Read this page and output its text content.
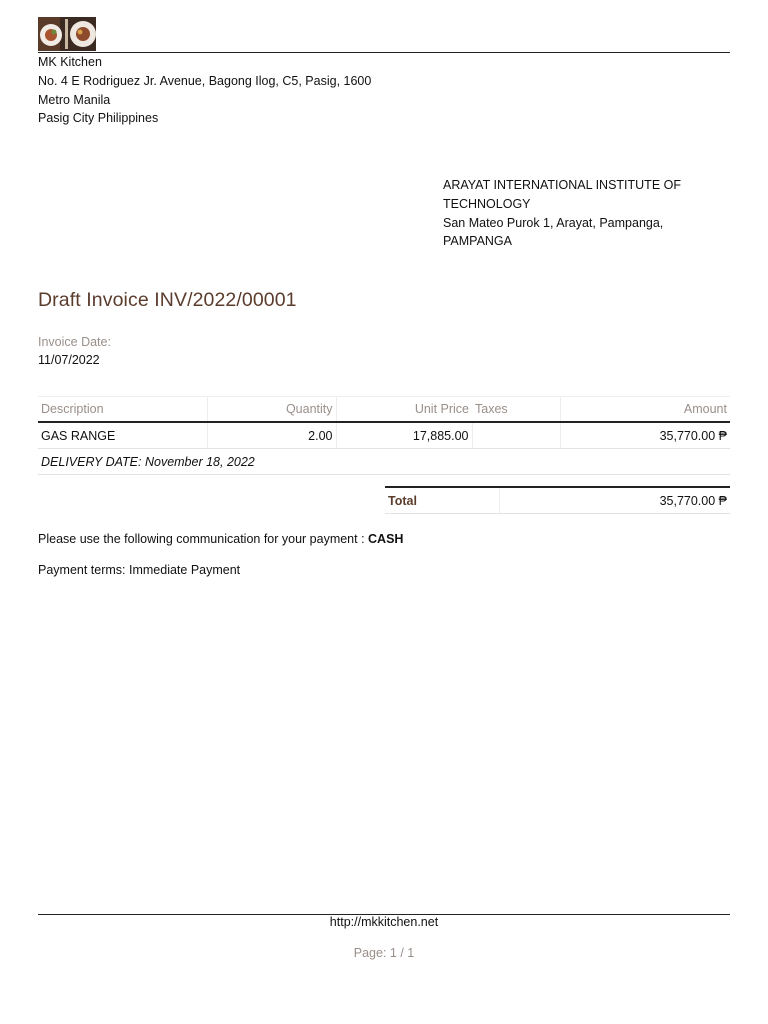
MK Kitchen
No. 4 E Rodriguez Jr. Avenue, Bagong Ilog, C5, Pasig, 1600
Metro Manila
Pasig City Philippines
ARAYAT INTERNATIONAL INSTITUTE OF TECHNOLOGY
San Mateo Purok 1, Arayat, Pampanga,
PAMPANGA
Draft Invoice INV/2022/00001
Invoice Date:
11/07/2022
Description	Quantity	Unit Price	Taxes	Amount
GAS RANGE	2.00	17,885.00		35,770.00 ₱
DELIVERY DATE: November 18, 2022				
Total	35,770.00 ₱
Please use the following communication for your payment : CASH
Payment terms: Immediate Payment
http://mkkitchen.net
Page: 1 / 1
